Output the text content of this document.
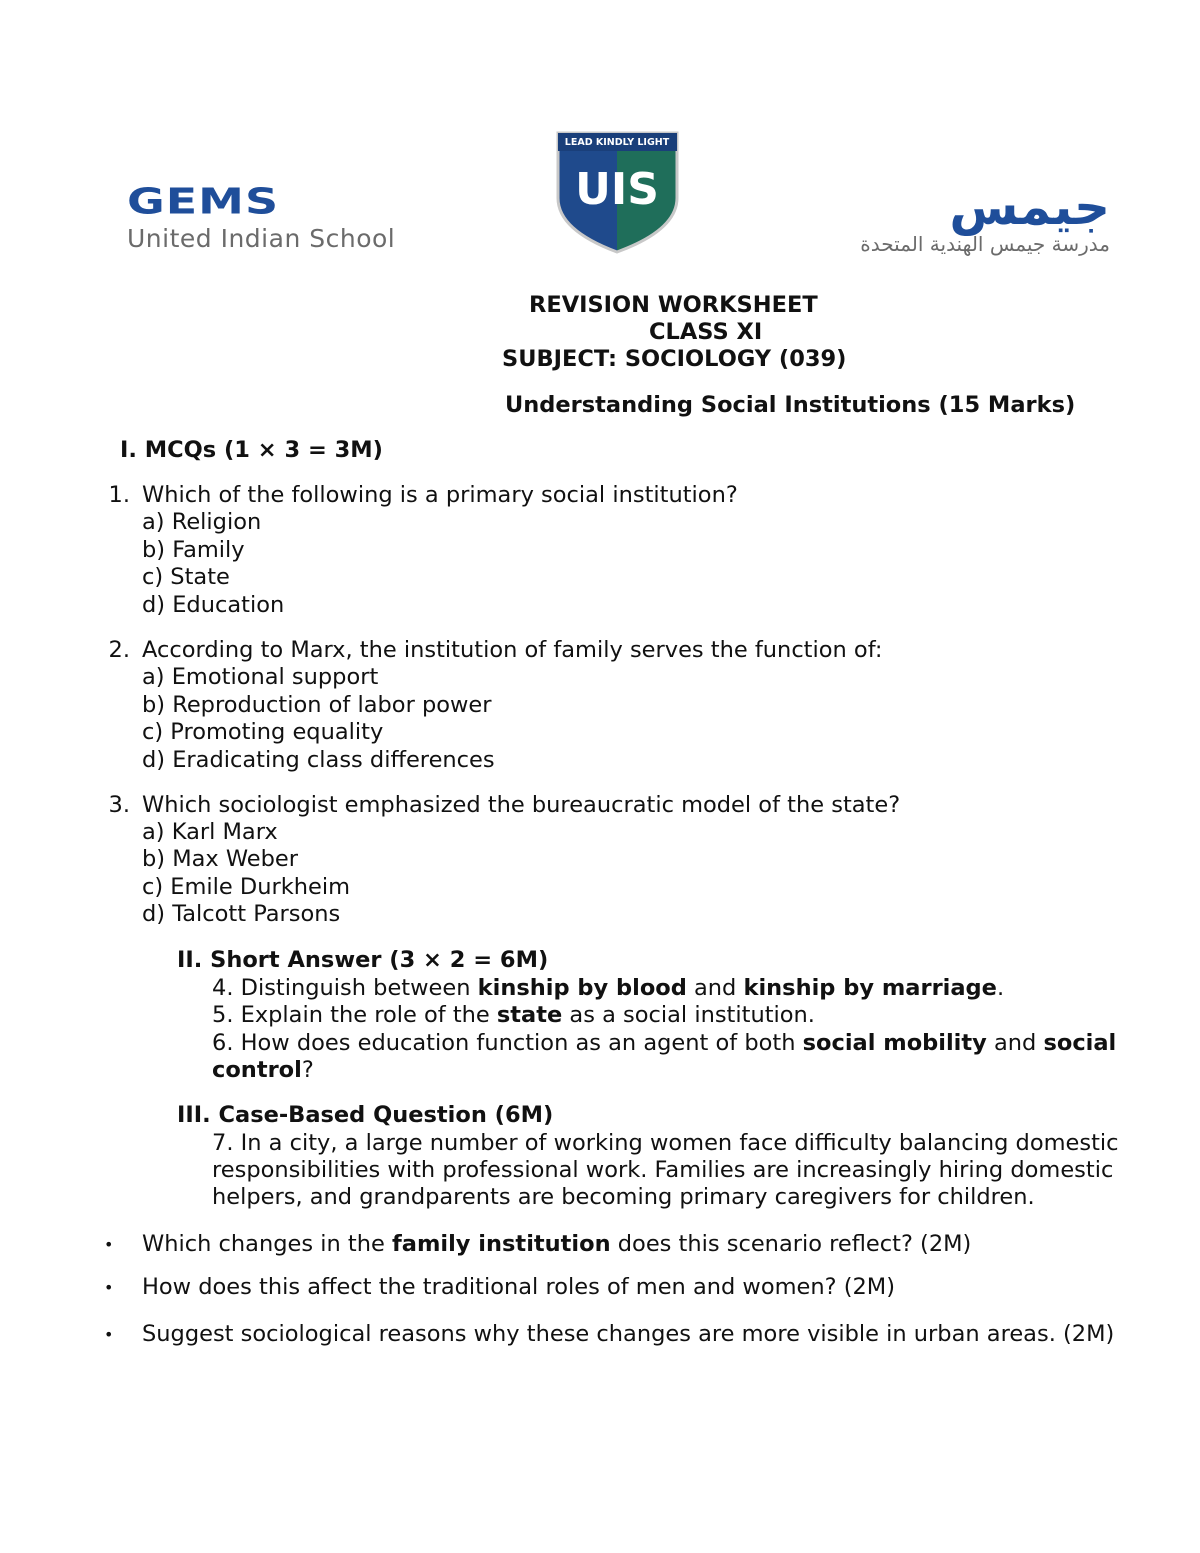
GEMS
United Indian School
LEAD KINDLY LIGHT
UIS	جيمس
مدرسة جيمس الهندية المتحدة
REVISION WORKSHEET
CLASS XI
SUBJECT: SOCIOLOGY (039)
Understanding Social Institutions (15 Marks)
I. MCQs (1 × 3 = 3M)
1. Which of the following is a primary social institution?
a) Religion
b) Family
c) State
d) Education
2. According to Marx, the institution of family serves the function of:
a) Emotional support
b) Reproduction of labor power
c) Promoting equality
d) Eradicating class differences
3. Which sociologist emphasized the bureaucratic model of the state?
a) Karl Marx
b) Max Weber
c) Emile Durkheim
d) Talcott Parsons
II. Short Answer (3 × 2 = 6M)
4. Distinguish between kinship by blood and kinship by marriage.
5. Explain the role of the state as a social institution.
6. How does education function as an agent of both social mobility and social
control?
III. Case-Based Question (6M)
7. In a city, a large number of working women face difficulty balancing domestic
responsibilities with professional work. Families are increasingly hiring domestic
helpers, and grandparents are becoming primary caregivers for children.
• Which changes in the family institution does this scenario reflect? (2M)
• How does this affect the traditional roles of men and women? (2M)
• Suggest sociological reasons why these changes are more visible in urban areas. (2M)
